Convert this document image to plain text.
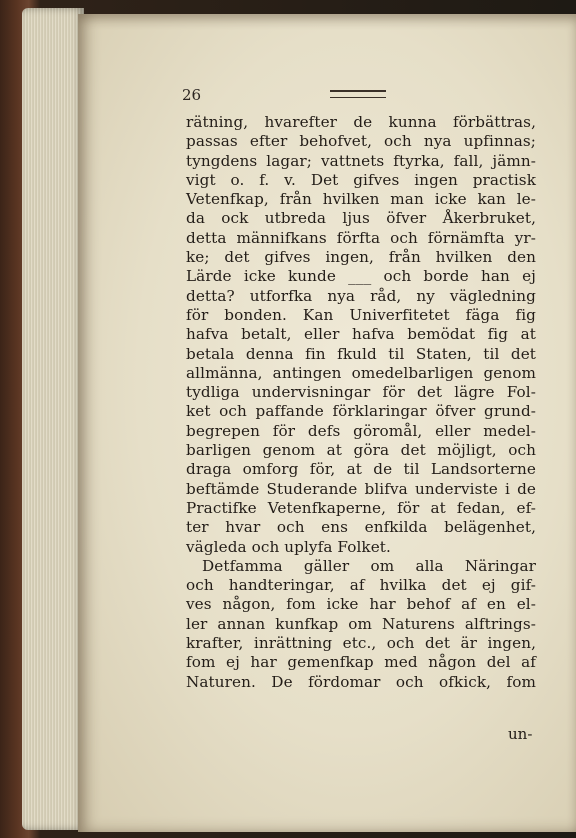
26
rätning, hvarefter de kunna förbättras,
passas efter behofvet, och nya upfinnas;
tyngdens lagar; vattnets ftyrka, fall, jämn-
vigt o. f. v. Det gifves ingen practisk
Vetenfkap, från hvilken man icke kan le-
da ock utbreda ljus öfver Åkerbruket,
detta männifkans förfta och förnämfta yr-
ke; det gifves ingen, från hvilken den
Lärde icke kunde ___ och borde han ej
detta? utforfka nya råd, ny vägledning
för bonden. Kan Univerfitetet fäga fig
hafva betalt, eller hafva bemödat fig at
betala denna fin fkuld til Staten, til det
allmänna, antingen omedelbarligen genom
tydliga undervisningar för det lägre Fol-
ket och paffande förklaringar öfver grund-
begrepen för defs göromål, eller medel-
barligen genom at göra det möjligt, och
draga omforg för, at de til Landsorterne
beftämde Studerande blifva underviste i de
Practifke Vetenfkaperne, för at fedan, ef-
ter hvar och ens enfkilda belägenhet,
vägleda och uplyfa Folket.
Detfamma gäller om alla Näringar
och handteringar, af hvilka det ej gif-
ves någon, fom icke har behof af en el-
ler annan kunfkap om Naturens alftrings-
krafter, inrättning etc., och det är ingen,
fom ej har gemenfkap med någon del af
Naturen. De fördomar och ofkick, fom
un-
